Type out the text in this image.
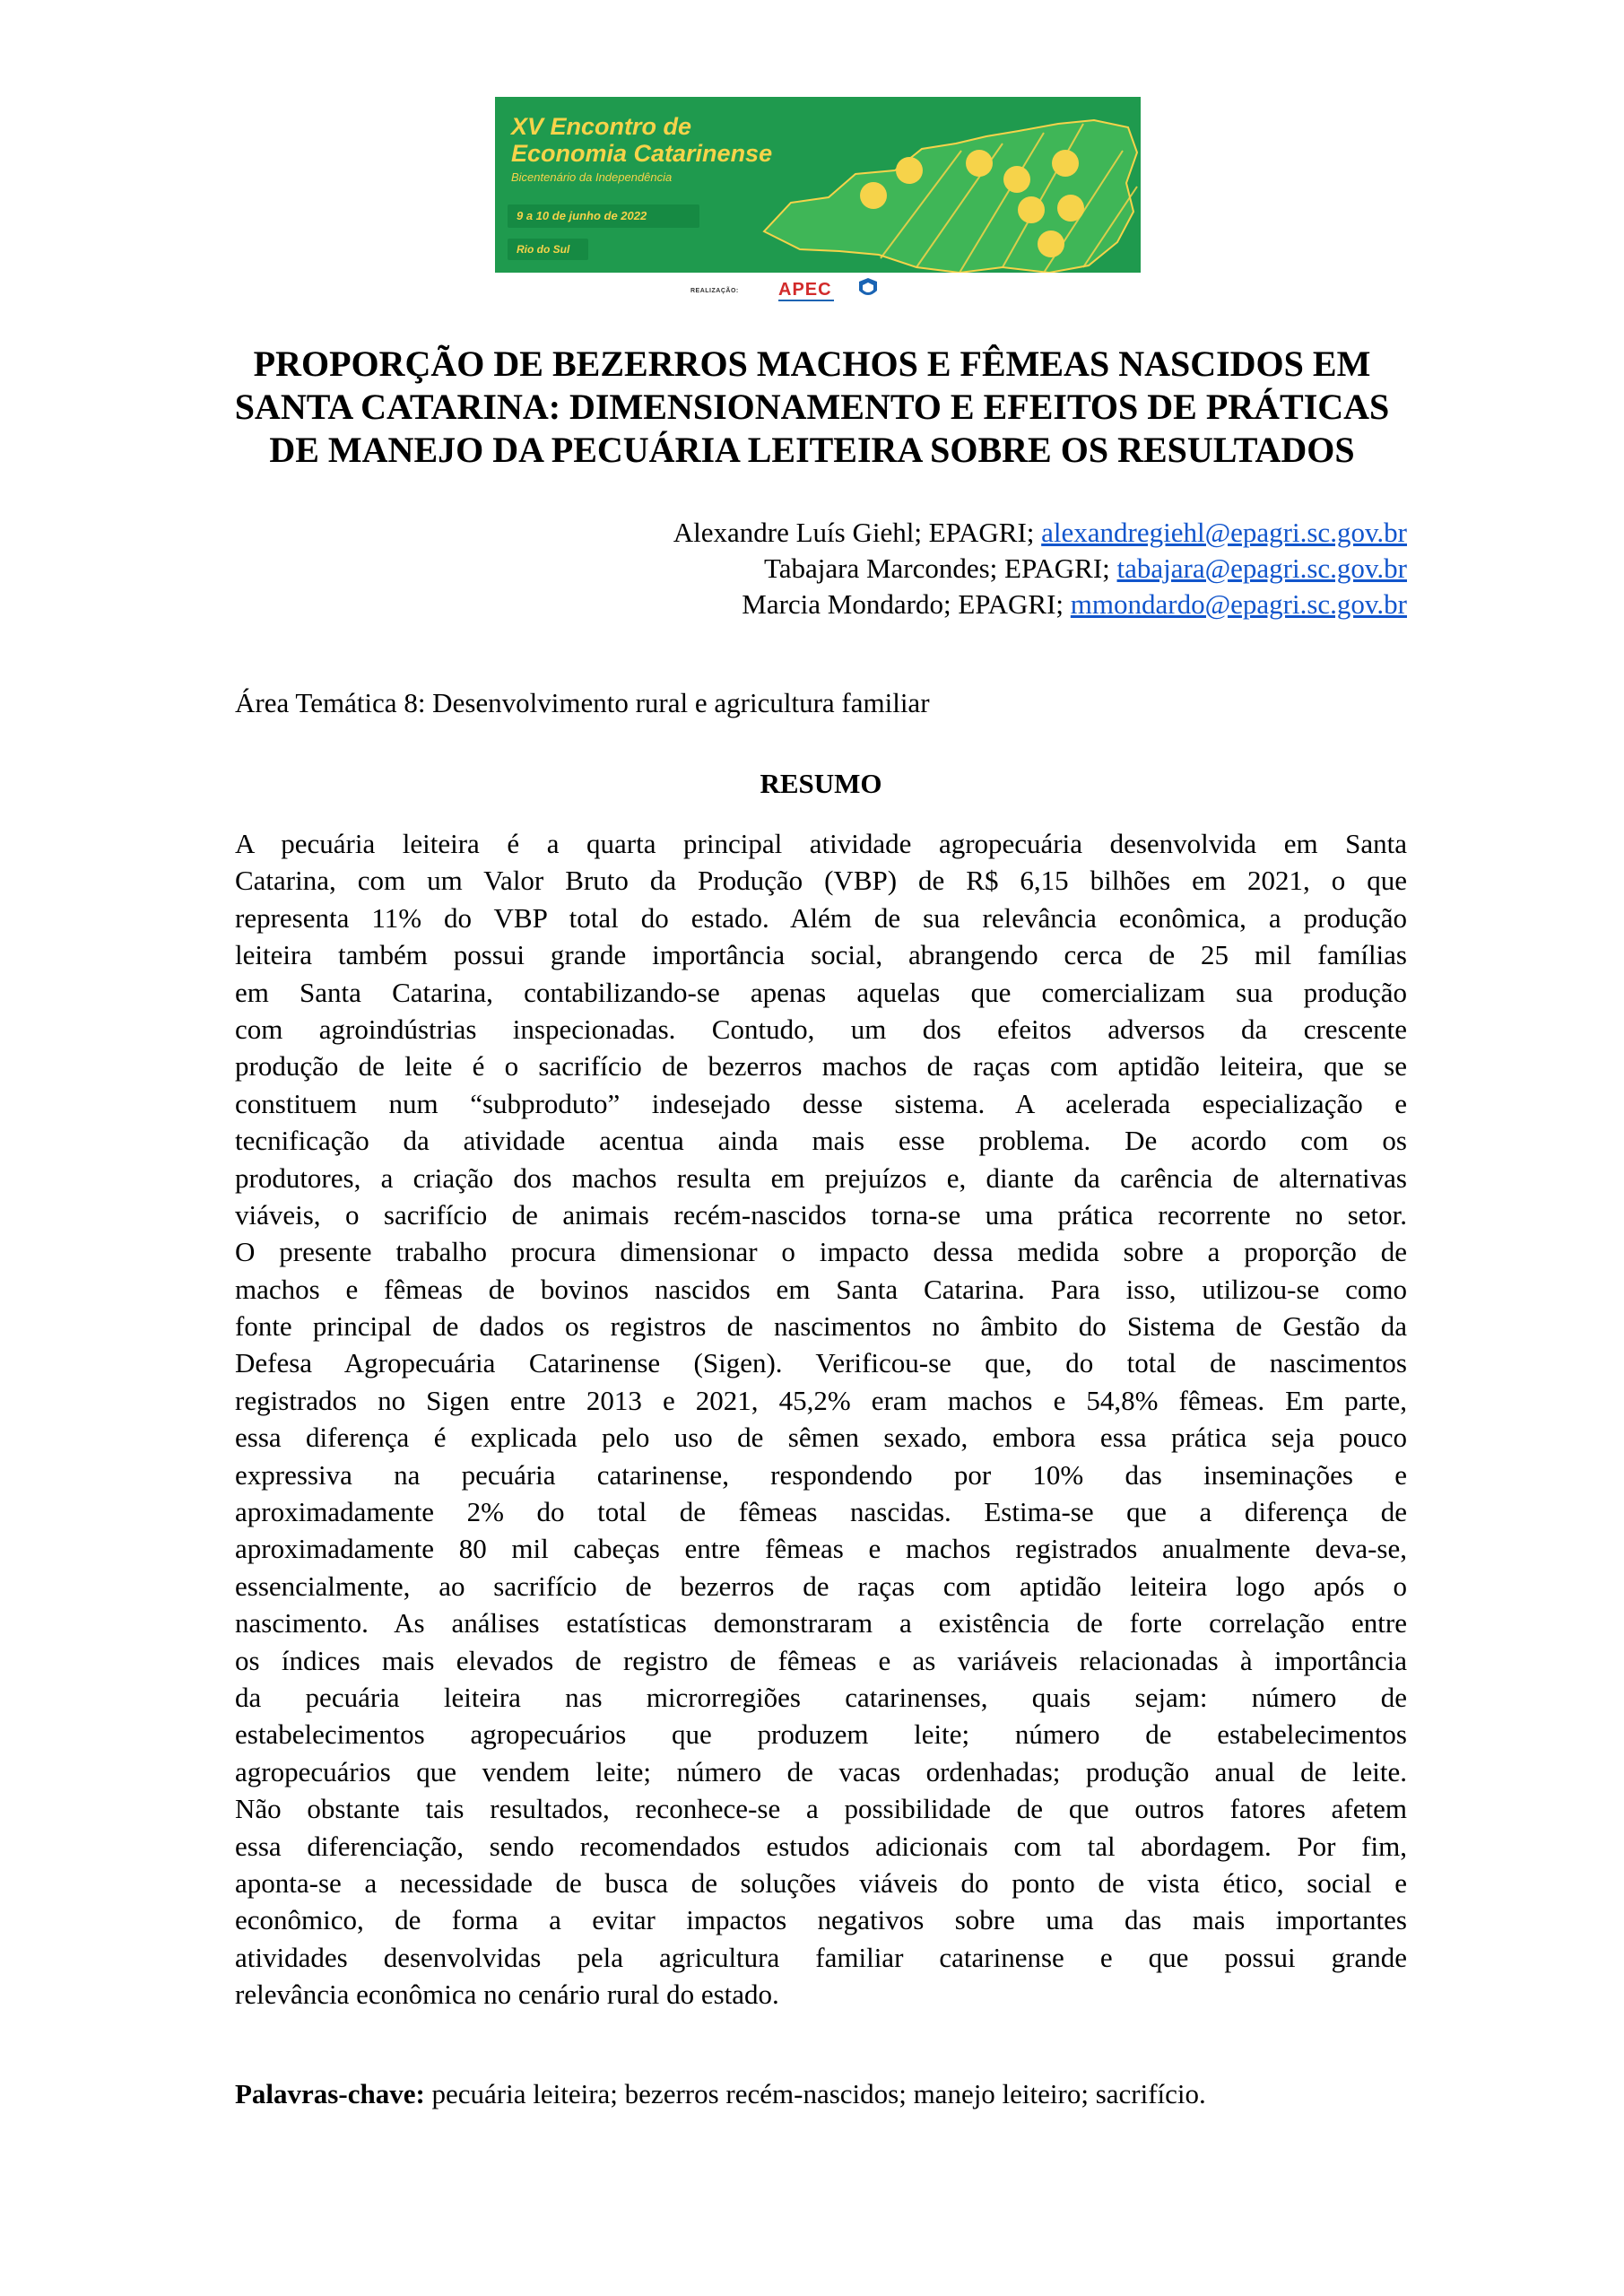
XV Encontro de
Economia Catarinense
Bicentenário da Independência
9 a 10 de junho de 2022
Rio do Sul
REALIZAÇÃO: APEC
PROPORÇÃO DE BEZERROS MACHOS E FÊMEAS NASCIDOS EM
SANTA CATARINA: DIMENSIONAMENTO E EFEITOS DE PRÁTICAS
DE MANEJO DA PECUÁRIA LEITEIRA SOBRE OS RESULTADOS
Alexandre Luís Giehl; EPAGRI; alexandregiehl@epagri.sc.gov.br
Tabajara Marcondes; EPAGRI; tabajara@epagri.sc.gov.br
Marcia Mondardo; EPAGRI; mmondardo@epagri.sc.gov.br
Área Temática 8: Desenvolvimento rural e agricultura familiar
RESUMO
A pecuária leiteira é a quarta principal atividade agropecuária desenvolvida em Santa
Catarina, com um Valor Bruto da Produção (VBP) de R$ 6,15 bilhões em 2021, o que
representa 11% do VBP total do estado. Além de sua relevância econômica, a produção
leiteira também possui grande importância social, abrangendo cerca de 25 mil famílias
em Santa Catarina, contabilizando-se apenas aquelas que comercializam sua produção
com agroindústrias inspecionadas. Contudo, um dos efeitos adversos da crescente
produção de leite é o sacrifício de bezerros machos de raças com aptidão leiteira, que se
constituem num “subproduto” indesejado desse sistema. A acelerada especialização e
tecnificação da atividade acentua ainda mais esse problema. De acordo com os
produtores, a criação dos machos resulta em prejuízos e, diante da carência de alternativas
viáveis, o sacrifício de animais recém-nascidos torna-se uma prática recorrente no setor.
O presente trabalho procura dimensionar o impacto dessa medida sobre a proporção de
machos e fêmeas de bovinos nascidos em Santa Catarina. Para isso, utilizou-se como
fonte principal de dados os registros de nascimentos no âmbito do Sistema de Gestão da
Defesa Agropecuária Catarinense (Sigen). Verificou-se que, do total de nascimentos
registrados no Sigen entre 2013 e 2021, 45,2% eram machos e 54,8% fêmeas. Em parte,
essa diferença é explicada pelo uso de sêmen sexado, embora essa prática seja pouco
expressiva na pecuária catarinense, respondendo por 10% das inseminações e
aproximadamente 2% do total de fêmeas nascidas. Estima-se que a diferença de
aproximadamente 80 mil cabeças entre fêmeas e machos registrados anualmente deva-se,
essencialmente, ao sacrifício de bezerros de raças com aptidão leiteira logo após o
nascimento. As análises estatísticas demonstraram a existência de forte correlação entre
os índices mais elevados de registro de fêmeas e as variáveis relacionadas à importância
da pecuária leiteira nas microrregiões catarinenses, quais sejam: número de
estabelecimentos agropecuários que produzem leite; número de estabelecimentos
agropecuários que vendem leite; número de vacas ordenhadas; produção anual de leite.
Não obstante tais resultados, reconhece-se a possibilidade de que outros fatores afetem
essa diferenciação, sendo recomendados estudos adicionais com tal abordagem. Por fim,
aponta-se a necessidade de busca de soluções viáveis do ponto de vista ético, social e
econômico, de forma a evitar impactos negativos sobre uma das mais importantes
atividades desenvolvidas pela agricultura familiar catarinense e que possui grande
relevância econômica no cenário rural do estado.
Palavras-chave: pecuária leiteira; bezerros recém-nascidos; manejo leiteiro; sacrifício.
